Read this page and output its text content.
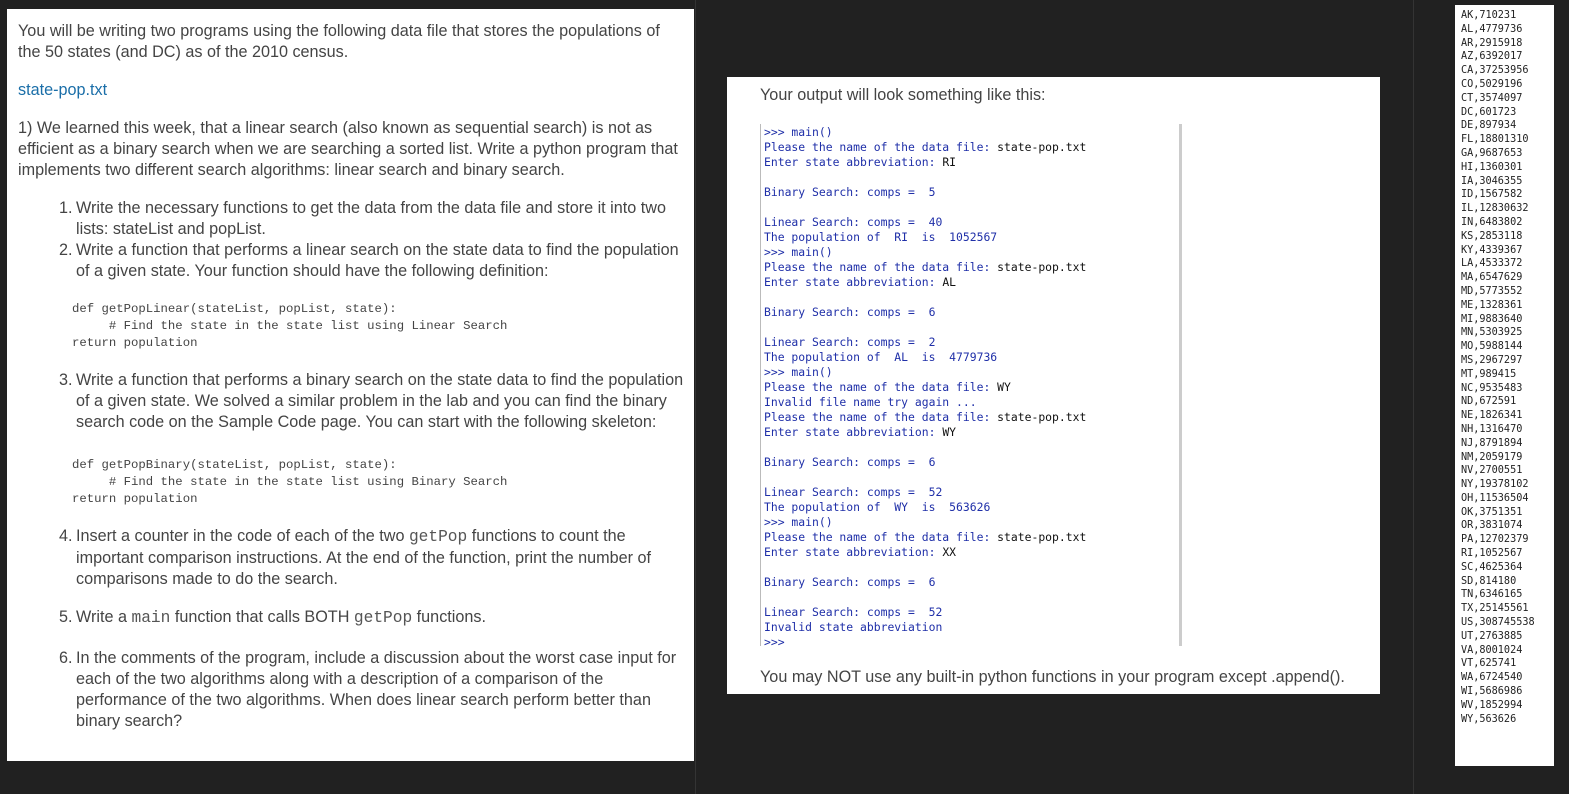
You will be writing two programs using the following data file that stores the populations of the 50 states (and DC) as of the 2010 census.

state-pop.txt

1) We learned this week, that a linear search (also known as sequential search) is not as efficient as a binary search when we are searching a sorted list. Write a python program that implements two different search algorithms: linear search and binary search.

1. Write the necessary functions to get the data from the data file and store it into two lists: stateList and popList.
2. Write a function that performs a linear search on the state data to find the population of a given state. Your function should have the following definition:
def getPopLinear(stateList, popList, state):
# Find the state in the state list using Linear Search
return population
3. Write a function that performs a binary search on the state data to find the population of a given state. We solved a similar problem in the lab and you can find the binary search code on the Sample Code page. You can start with the following skeleton:
def getPopBinary(stateList, popList, state):
# Find the state in the state list using Binary Search
return population
4. Insert a counter in the code of each of the two getPop functions to count the important comparison instructions. At the end of the function, print the number of comparisons made to do the search.
5. Write a main function that calls BOTH getPop functions.
6. In the comments of the program, include a discussion about the worst case input for each of the two algorithms along with a description of a comparison of the performance of the two algorithms. When does linear search perform better than binary search?
Your output will look something like this:
>>> main()
Please the name of the data file: state-pop.txt
Enter state abbreviation: RI
Binary Search: comps =  5
Linear Search: comps =  40
The population of  RI  is  1052567
>>> main()
Please the name of the data file: state-pop.txt
Enter state abbreviation: AL
Binary Search: comps =  6
Linear Search: comps =  2
The population of  AL  is  4779736
>>> main()
Please the name of the data file: WY
Invalid file name try again ...
Please the name of the data file: state-pop.txt
Enter state abbreviation: WY
Binary Search: comps =  6
Linear Search: comps =  52
The population of  WY  is  563626
>>> main()
Please the name of the data file: state-pop.txt
Enter state abbreviation: XX
Binary Search: comps =  6
Linear Search: comps =  52
Invalid state abbreviation
>>>
You may NOT use any built-in python functions in your program except .append().
AK,710231
AL,4779736
AR,2915918
AZ,6392017
CA,37253956
CO,5029196
CT,3574097
DC,601723
DE,897934
FL,18801310
GA,9687653
HI,1360301
IA,3046355
ID,1567582
IL,12830632
IN,6483802
KS,2853118
KY,4339367
LA,4533372
MA,6547629
MD,5773552
ME,1328361
MI,9883640
MN,5303925
MO,5988144
MS,2967297
MT,989415
NC,9535483
ND,672591
NE,1826341
NH,1316470
NJ,8791894
NM,2059179
NV,2700551
NY,19378102
OH,11536504
OK,3751351
OR,3831074
PA,12702379
RI,1052567
SC,4625364
SD,814180
TN,6346165
TX,25145561
US,308745538
UT,2763885
VA,8001024
VT,625741
WA,6724540
WI,5686986
WV,1852994
WY,563626
